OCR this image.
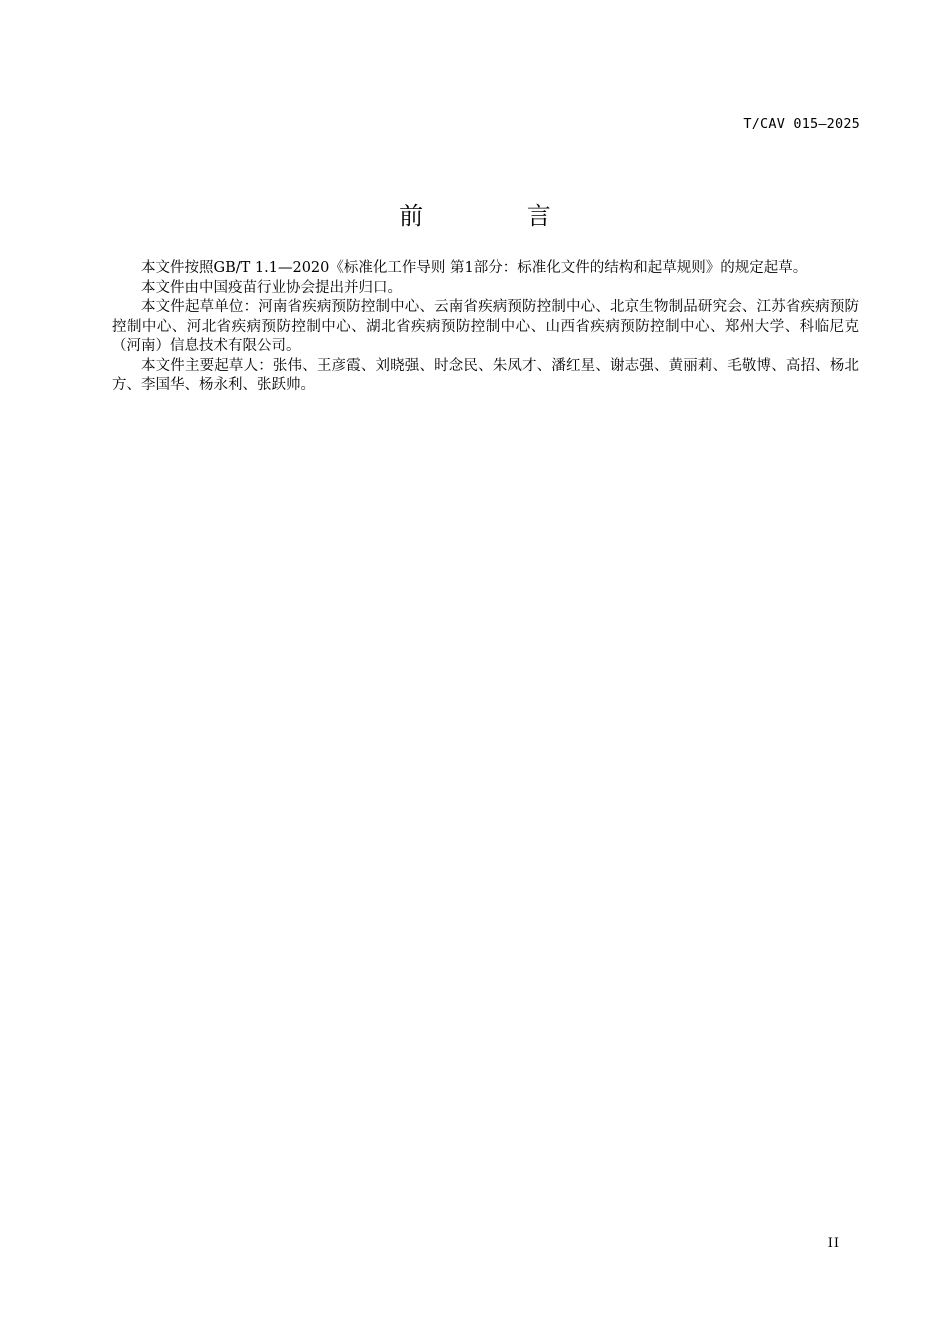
T/CAV 015—2025
前 言

本文件按照GB/T 1.1—2020《标准化工作导则 第1部分：标准化文件的结构和起草规则》的规定起草。

本文件由中国疫苗行业协会提出并归口。

本文件起草单位：河南省疾病预防控制中心、云南省疾病预防控制中心、北京生物制品研究会、江苏省疾病预防控制中心、河北省疾病预防控制中心、湖北省疾病预防控制中心、山西省疾病预防控制中心、郑州大学、科临尼克（河南）信息技术有限公司。

本文件主要起草人：张伟、王彦霞、刘晓强、时念民、朱凤才、潘红星、谢志强、黄丽莉、毛敬博、高招、杨北方、李国华、杨永利、张跃帅。

II
